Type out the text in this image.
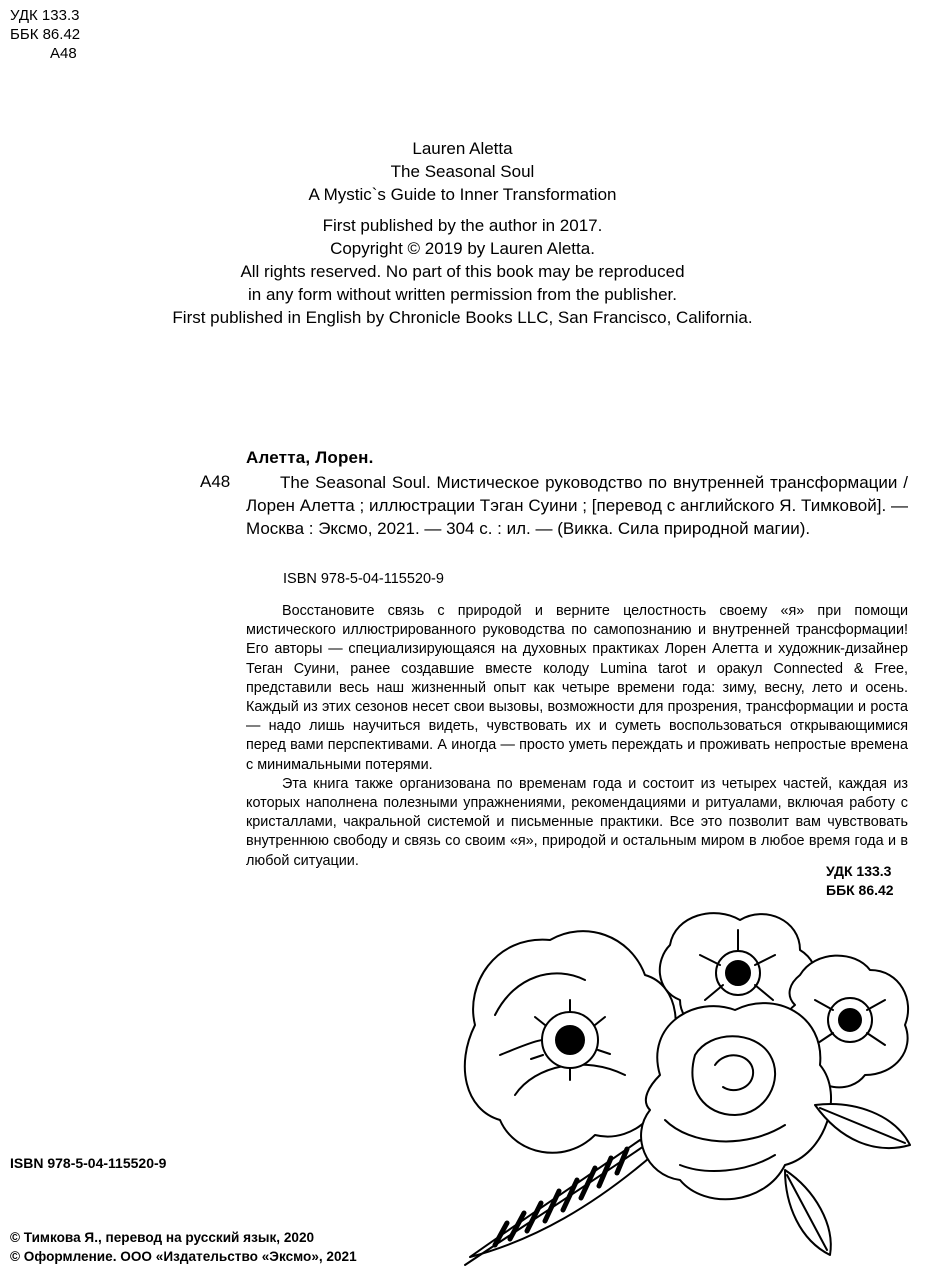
УДК 133.3
ББК 86.42
А48
Lauren Aletta
The Seasonal Soul
A Mystic`s Guide to Inner Transformation
First published by the author in 2017.
Copyright © 2019 by Lauren Aletta.
All rights reserved. No part of this book may be reproduced
in any form without written permission from the publisher.
First published in English by Chronicle Books LLC, San Francisco, California.
Алетта, Лорен.
А48	The Seasonal Soul. Мистическое руководство по внутренней трансформации / Лорен Алетта ; иллюстрации Тэган Суини ; [перевод с английского Я. Тимковой]. — Москва : Эксмо, 2021. — 304 с. : ил. — (Викка. Сила природной магии).
ISBN 978-5-04-115520-9

Восстановите связь с природой и верните целостность своему «я» при помощи мистического иллюстрированного руководства по самопознанию и внутренней трансформации! Его авторы — специализирующаяся на духовных практиках Лорен Алетта и художник-дизайнер Теган Суини, ранее создавшие вместе колоду Lumina tarot и оракул Connected & Free, представили весь наш жизненный опыт как четыре времени года: зиму, весну, лето и осень. Каждый из этих сезонов несет свои вызовы, возможности для прозрения, трансформации и роста — надо лишь научиться видеть, чувствовать их и суметь воспользоваться открывающимися перед вами перспективами. А иногда — просто уметь переждать и проживать непростые времена с минимальными потерями.

Эта книга также организована по временам года и состоит из четырех частей, каждая из которых наполнена полезными упражнениями, рекомендациями и ритуалами, включая работу с кристаллами, чакральной системой и письменные практики. Все это позволит вам чувствовать внутреннюю свободу и связь со своим «я», природой и остальным миром в любое время года и в любой ситуации.

УДК 133.3
ББК 86.42
ISBN 978-5-04-115520-9
© Тимкова Я., перевод на русский язык, 2020
© Оформление. ООО «Издательство «Эксмо», 2021
